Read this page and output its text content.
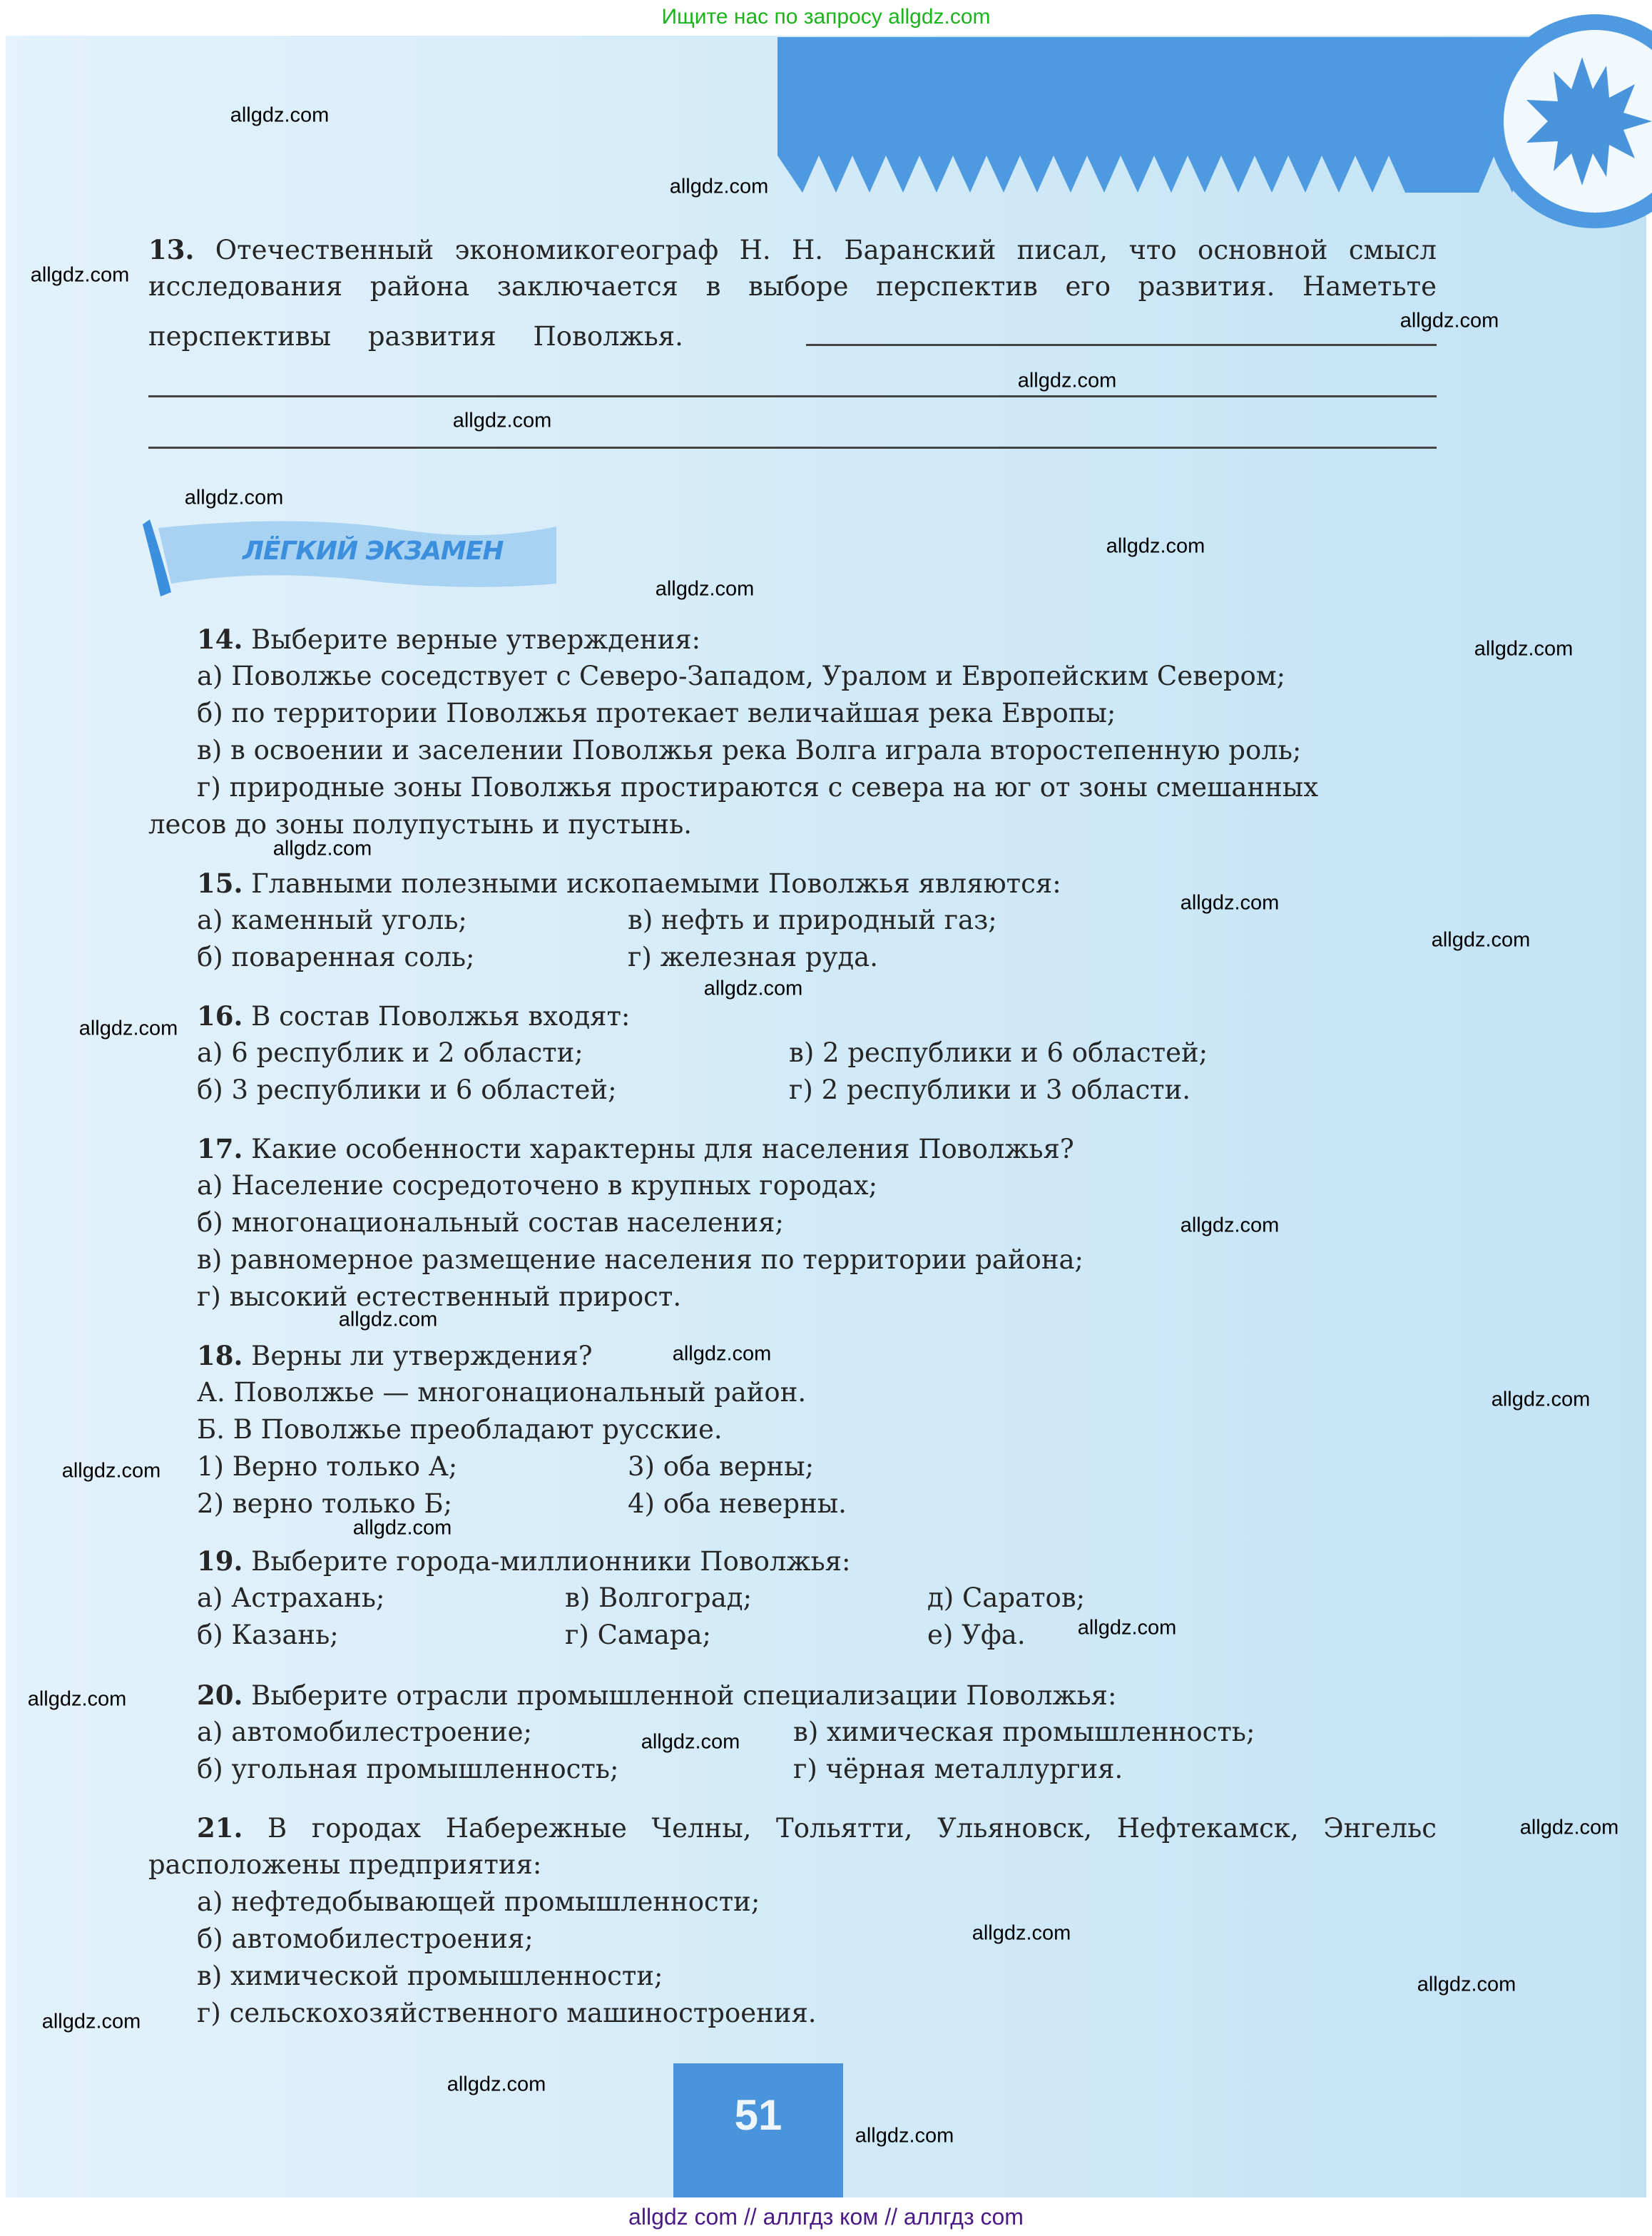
Ищите нас по запросу allgdz.com
ЛЁГКИЙ ЭКЗАМЕН
13. Отечественный экономикогеограф Н. Н. Баранский писал, что основной смысл
исследования района заключается в выборе перспектив его развития. Наметьте
перспективы развития Поволжья.
14. Выберите верные утверждения:
а) Поволжье соседствует с Северо-Западом, Уралом и Европейским Севером;
б) по территории Поволжья протекает величайшая река Европы;
в) в освоении и заселении Поволжья река Волга играла второстепенную роль;
г) природные зоны Поволжья простираются с севера на юг от зоны смешанных
лесов до зоны полупустынь и пустынь.
15. Главными полезными ископаемыми Поволжья являются:
а) каменный уголь;	в) нефть и природный газ;
б) поваренная соль;	г) железная руда.
16. В состав Поволжья входят:
а) 6 республик и 2 области;	в) 2 республики и 6 областей;
б) 3 республики и 6 областей;	г) 2 республики и 3 области.
17. Какие особенности характерны для населения Поволжья?
а) Население сосредоточено в крупных городах;
б) многонациональный состав населения;
в) равномерное размещение населения по территории района;
г) высокий естественный прирост.
18. Верны ли утверждения?
А. Поволжье — многонациональный район.
Б. В Поволжье преобладают русские.
1) Верно только А;	3) оба верны;
2) верно только Б;	4) оба неверны.
19. Выберите города-миллионники Поволжья:
а) Астрахань;	в) Волгоград;	д) Саратов;
б) Казань;	г) Самара;	е) Уфа.
20. Выберите отрасли промышленной специализации Поволжья:
а) автомобилестроение;	в) химическая промышленность;
б) угольная промышленность;	г) чёрная металлургия.
21. В городах Набережные Челны, Тольятти, Ульяновск, Нефтекамск, Энгельс
расположены предприятия:
а) нефтедобывающей промышленности;
б) автомобилестроения;
в) химической промышленности;
г) сельскохозяйственного машиностроения.
51
allgdz com // аллгдз ком // аллгдз com
allgdz.com
allgdz.com
allgdz.com
allgdz.com
allgdz.com
allgdz.com
allgdz.com
allgdz.com
allgdz.com
allgdz.com
allgdz.com
allgdz.com
allgdz.com
allgdz.com
allgdz.com
allgdz.com
allgdz.com
allgdz.com
allgdz.com
allgdz.com
allgdz.com
allgdz.com
allgdz.com
allgdz.com
allgdz.com
allgdz.com
allgdz.com
allgdz.com
allgdz.com
allgdz.com
